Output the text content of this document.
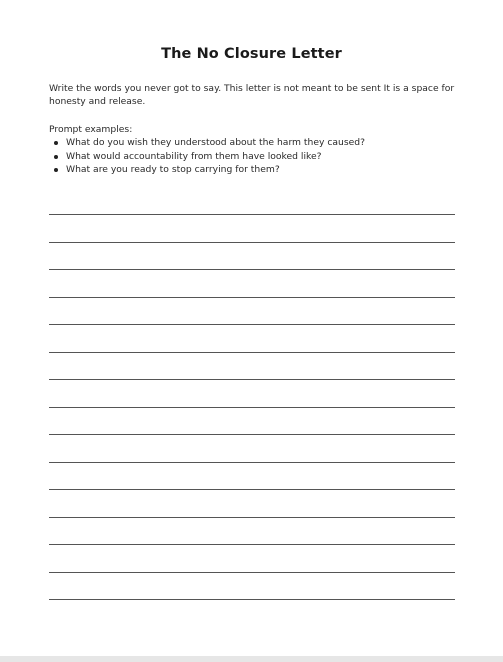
The No Closure Letter
Write the words you never got to say. This letter is not meant to be sent It is a space for honesty and release.
Prompt examples:
What do you wish they understood about the harm they caused?
What would accountability from them have looked like?
What are you ready to stop carrying for them?
